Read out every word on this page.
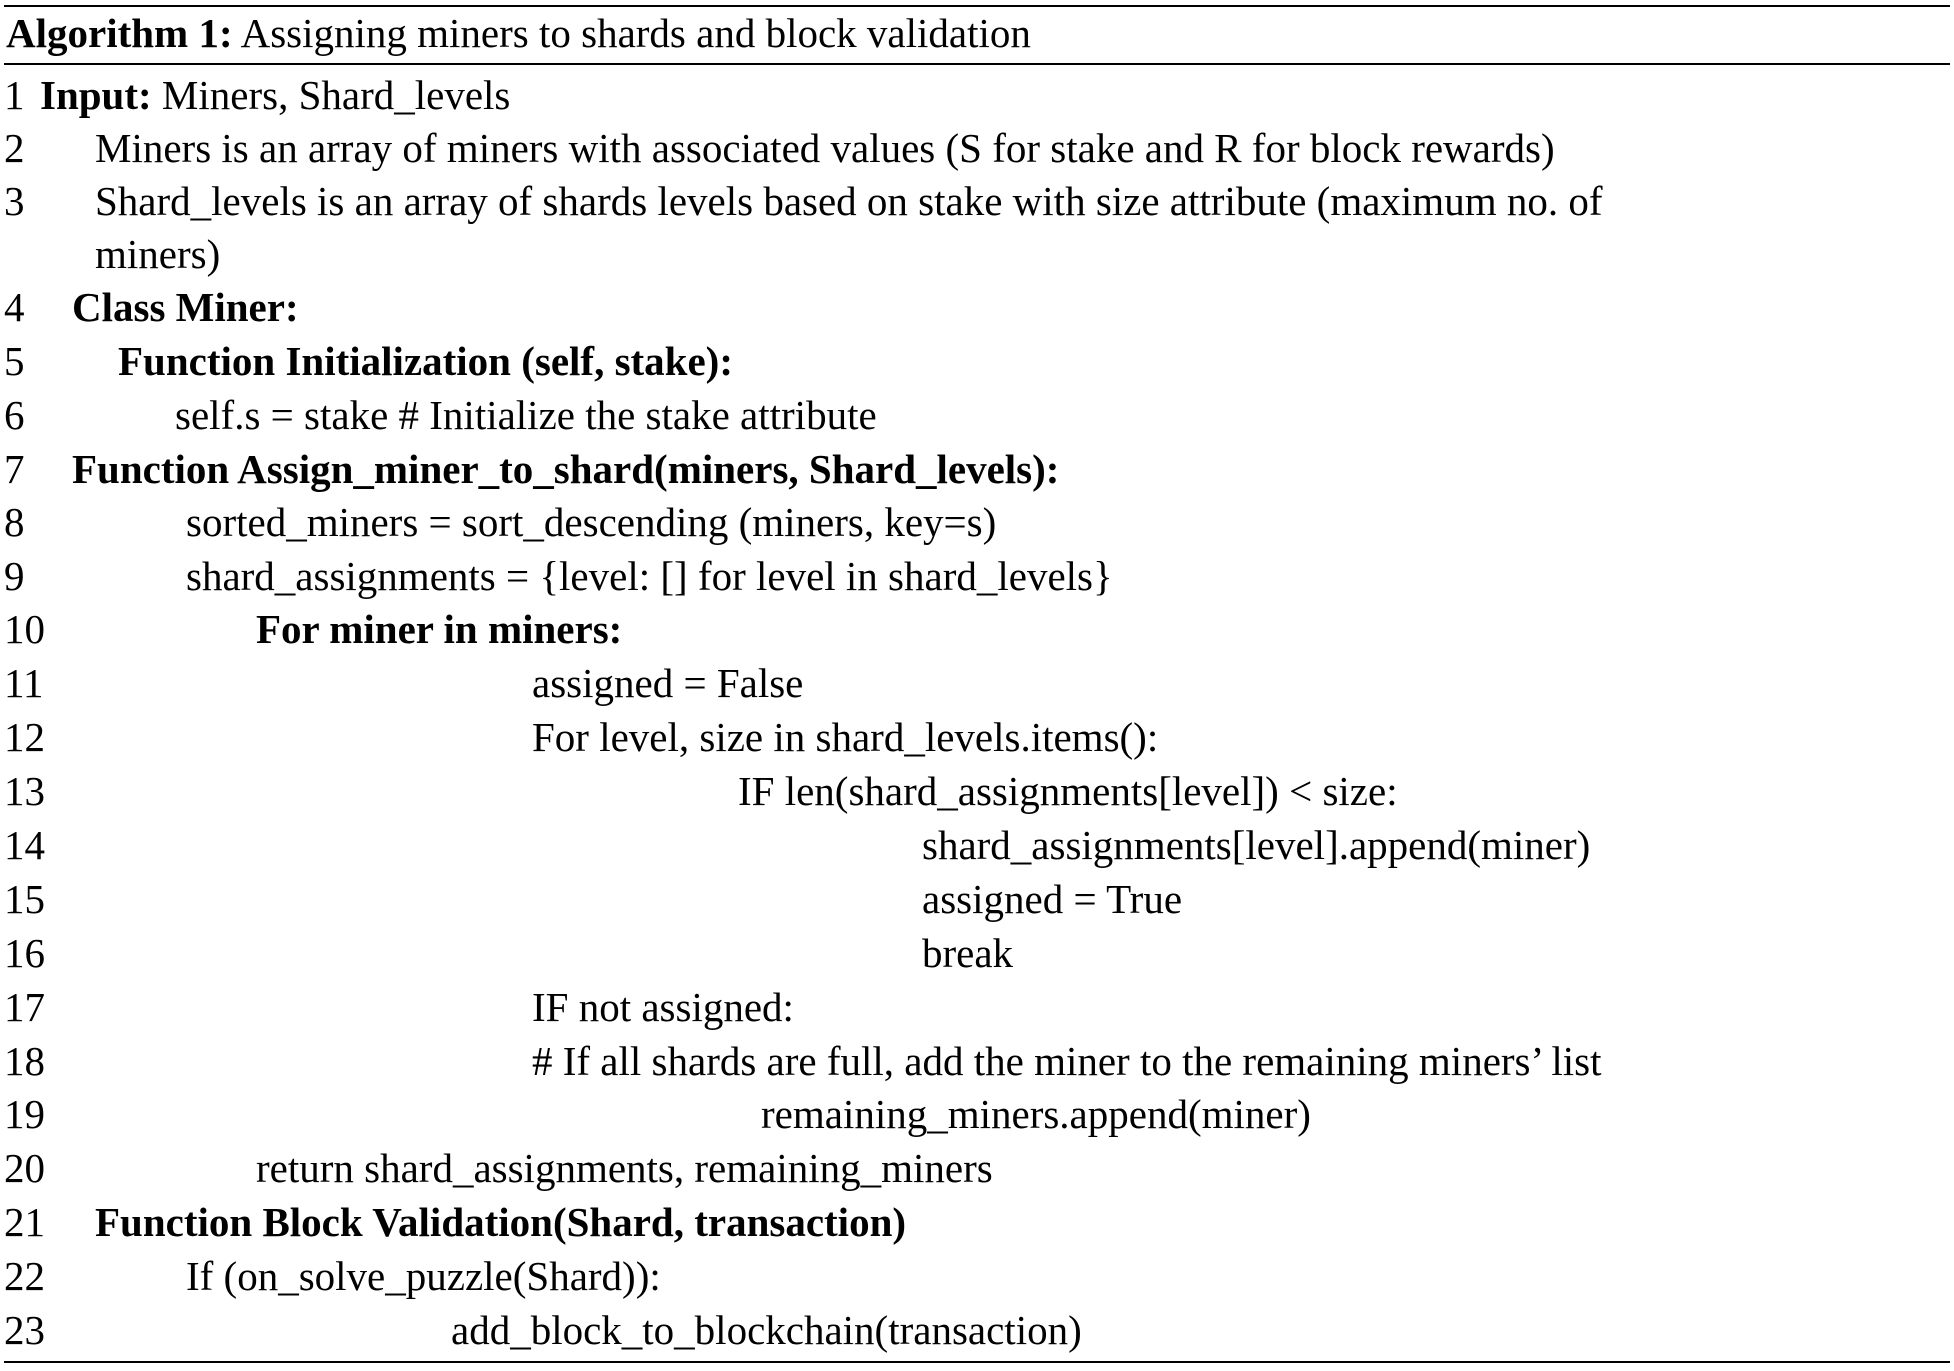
Algorithm 1: Assigning miners to shards and block validation
1 Input: Miners, Shard_levels
2 Miners is an array of miners with associated values (S for stake and R for block rewards)
3 Shard_levels is an array of shards levels based on stake with size attribute (maximum no. of
miners)
4 Class Miner:
5 Function Initialization (self, stake):
6	self.s = stake # Initialize the stake attribute
7 Function Assign_miner_to_shard(miners, Shard_levels):
8	sorted_miners = sort_descending (miners, key=s)
9	shard_assignments = {level: [] for level in shard_levels}
10	For miner in miners:
11	assigned = False
12	For level, size in shard_levels.items():
13	IF len(shard_assignments[level]) < size:
14	shard_assignments[level].append(miner)
15	assigned = True
16	break
17	IF not assigned:
18	# If all shards are full, add the miner to the remaining miners’ list
19	remaining_miners.append(miner)
20	return shard_assignments, remaining_miners
21 Function Block Validation(Shard, transaction)
22	If (on_solve_puzzle(Shard)):
23	add_block_to_blockchain(transaction)
